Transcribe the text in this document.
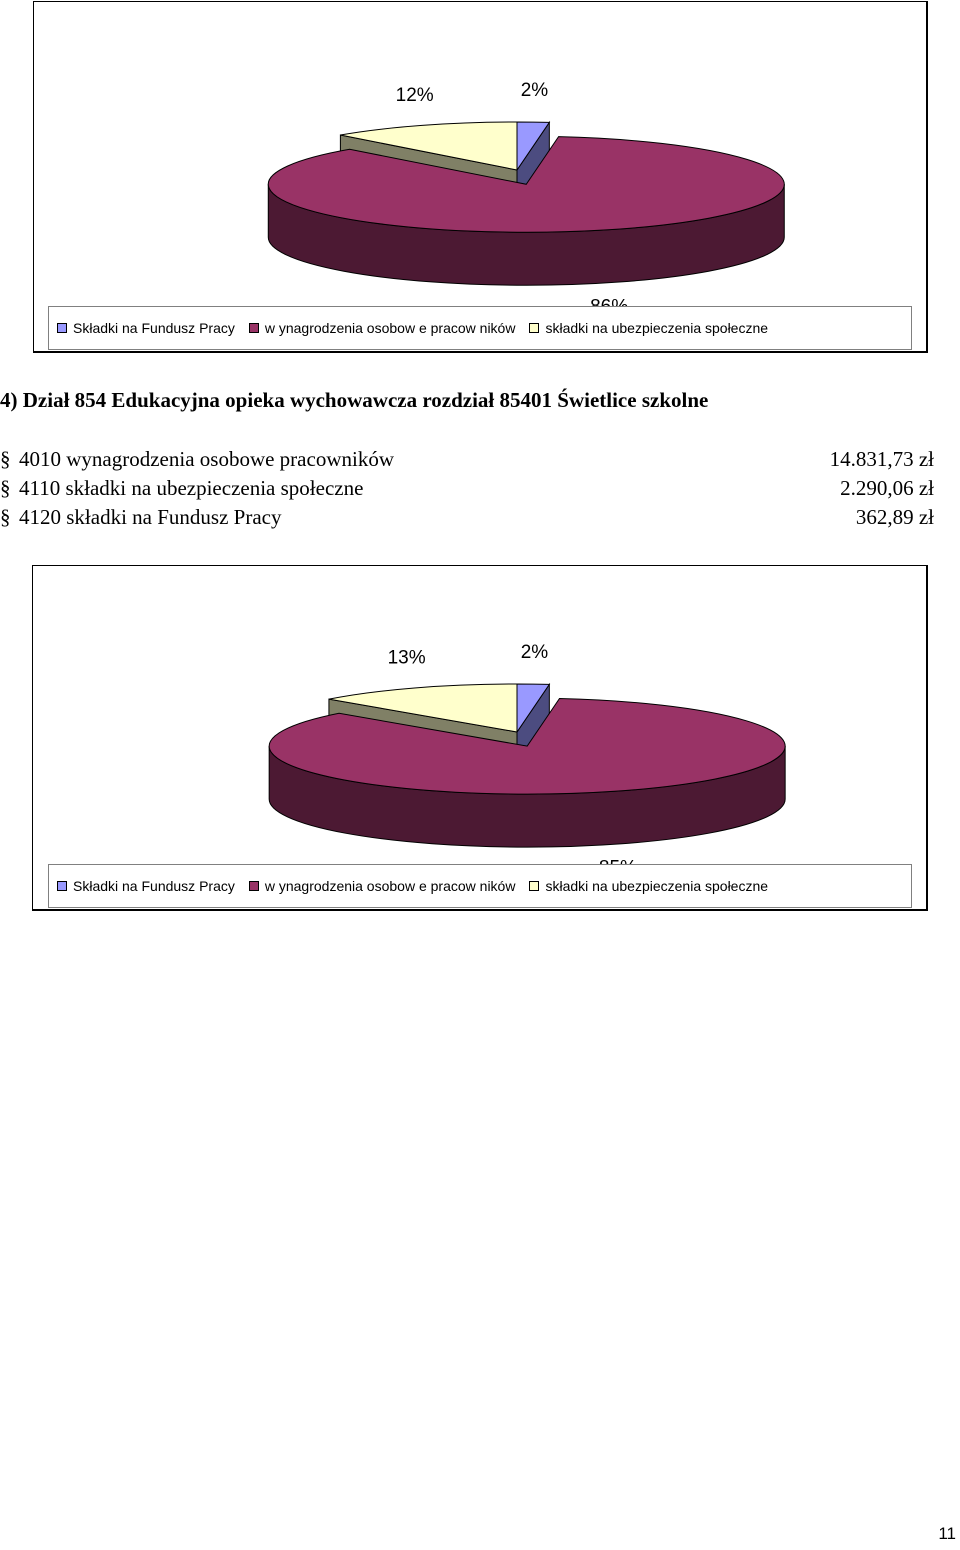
2%
12%
Składki na Fundusz Pracy w ynagrodzenia osobow e pracow ników składki na ubezpieczenia społeczne
4) Dział 854 Edukacyjna opieka wychowawcza rozdział 85401 Świetlice szkolne
§ 4010 wynagrodzenia osobowe pracowników	14.831,73 zł
§ 4110 składki na ubezpieczenia społeczne	2.290,06 zł
§ 4120 składki na Fundusz Pracy	362,89 zł
2%
13%
Składki na Fundusz Pracy w ynagrodzenia osobow e pracow ników składki na ubezpieczenia społeczne
11
